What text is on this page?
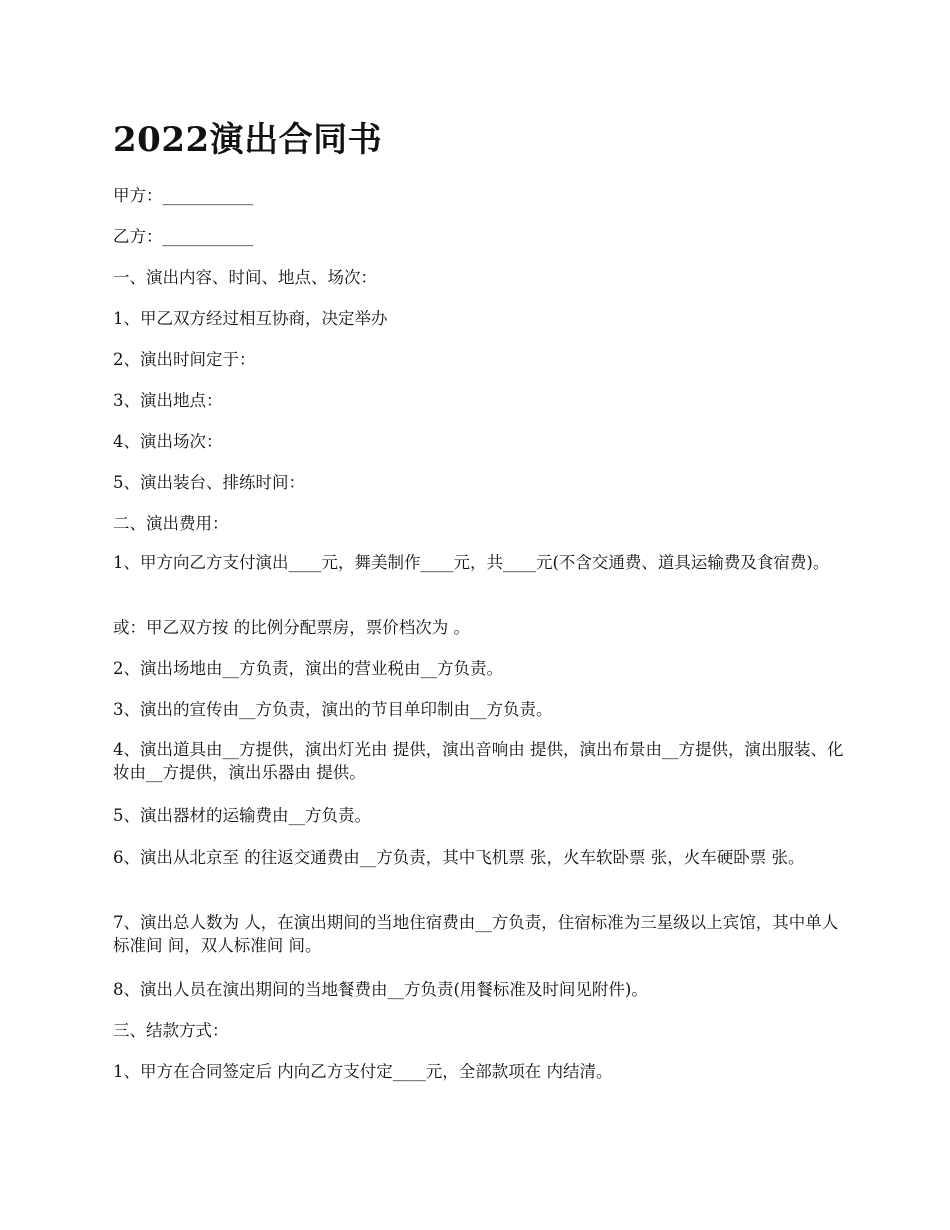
2022演出合同书

甲方：___________

乙方：___________

一、演出内容、时间、地点、场次：

1、甲乙双方经过相互协商，决定举办

2、演出时间定于：

3、演出地点：

4、演出场次：

5、演出装台、排练时间：

二、演出费用：

1、甲方向乙方支付演出____元，舞美制作____元，共____元(不含交通费、道具运输费及食宿费)。

或：甲乙双方按 的比例分配票房，票价档次为 。

2、演出场地由__方负责，演出的营业税由__方负责。

3、演出的宣传由__方负责，演出的节目单印制由__方负责。

4、演出道具由__方提供，演出灯光由 提供，演出音响由 提供，演出布景由__方提供，演出服装、化妆由__方提供，演出乐器由 提供。

5、演出器材的运输费由__方负责。

6、演出从北京至 的往返交通费由__方负责，其中飞机票 张，火车软卧票 张，火车硬卧票 张。

7、演出总人数为 人，在演出期间的当地住宿费由__方负责，住宿标准为三星级以上宾馆，其中单人标准间 间，双人标准间 间。

8、演出人员在演出期间的当地餐费由__方负责(用餐标准及时间见附件)。

三、结款方式：

1、甲方在合同签定后 内向乙方支付定____元，全部款项在 内结清。
